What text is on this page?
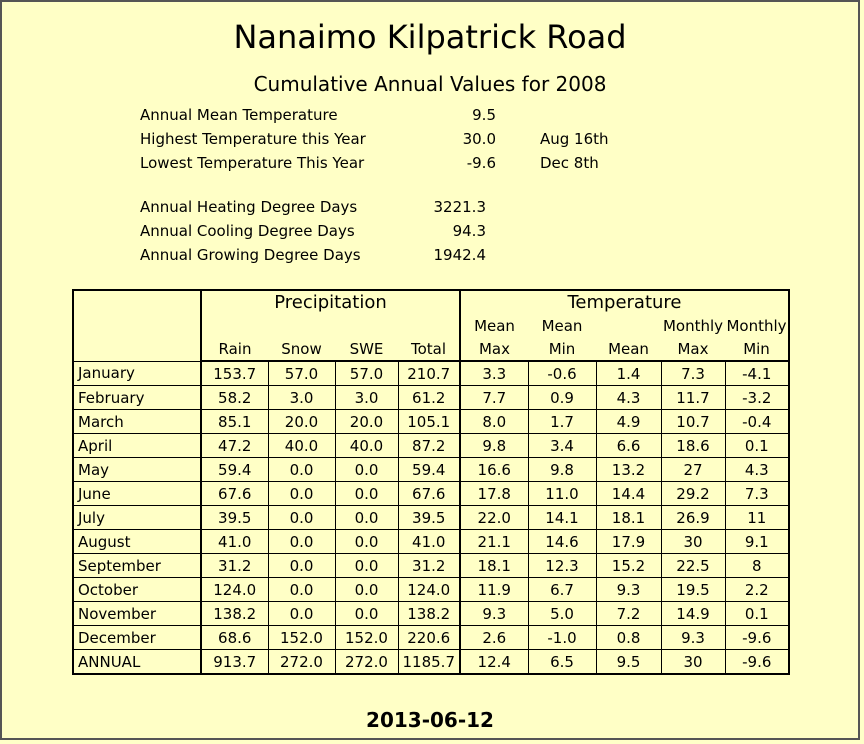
Nanaimo Kilpatrick Road
Cumulative Annual Values for 2008
Annual Mean Temperature	9.5
Highest Temperature this Year	30.0	Aug 16th
Lowest Temperature This Year	-9.6	Dec 8th
Annual Heating Degree Days	3221.3
Annual Cooling Degree Days	94.3
Annual Growing Degree Days	1942.4
	Precipitation				Temperature				
					Mean	Mean		Monthly	Monthly
	Rain	Snow	SWE	Total	Max	Min	Mean	Max	Min
January	153.7	57.0	57.0	210.7	3.3	-0.6	1.4	7.3	-4.1
February	58.2	3.0	3.0	61.2	7.7	0.9	4.3	11.7	-3.2
March	85.1	20.0	20.0	105.1	8.0	1.7	4.9	10.7	-0.4
April	47.2	40.0	40.0	87.2	9.8	3.4	6.6	18.6	0.1
May	59.4	0.0	0.0	59.4	16.6	9.8	13.2	27	4.3
June	67.6	0.0	0.0	67.6	17.8	11.0	14.4	29.2	7.3
July	39.5	0.0	0.0	39.5	22.0	14.1	18.1	26.9	11
August	41.0	0.0	0.0	41.0	21.1	14.6	17.9	30	9.1
September	31.2	0.0	0.0	31.2	18.1	12.3	15.2	22.5	8
October	124.0	0.0	0.0	124.0	11.9	6.7	9.3	19.5	2.2
November	138.2	0.0	0.0	138.2	9.3	5.0	7.2	14.9	0.1
December	68.6	152.0	152.0	220.6	2.6	-1.0	0.8	9.3	-9.6
ANNUAL	913.7	272.0	272.0	1185.7	12.4	6.5	9.5	30	-9.6
2013-06-12
